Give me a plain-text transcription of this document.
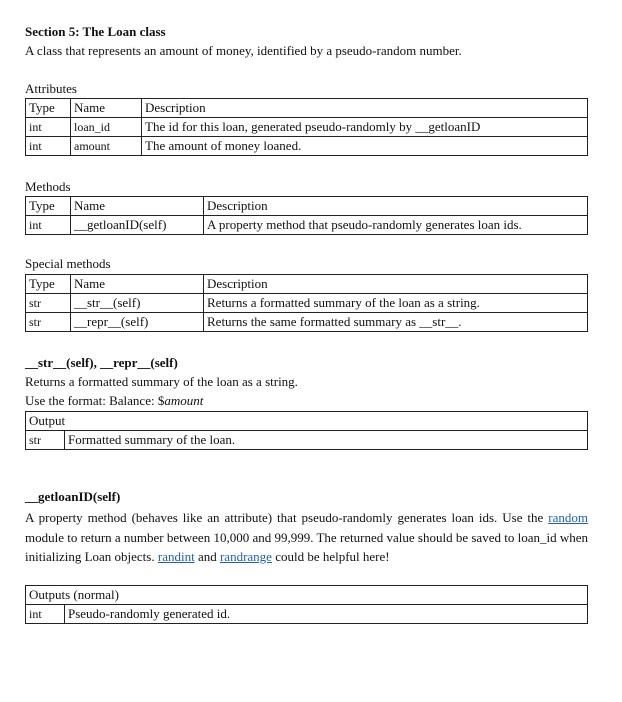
Section 5: The Loan class
A class that represents an amount of money, identified by a pseudo-random number.
Attributes
Type	Name	Description
int	loan_id	The id for this loan, generated pseudo-randomly by __getloanID
int	amount	The amount of money loaned.
Methods
Type	Name	Description
int	__getloanID(self)	A property method that pseudo-randomly generates loan ids.
Special methods
Type	Name	Description
str	__str__(self)	Returns a formatted summary of the loan as a string.
str	__repr__(self)	Returns the same formatted summary as __str__.
__str__(self), __repr__(self)
Returns a formatted summary of the loan as a string.
Use the format: Balance: $amount
Output
str	Formatted summary of the loan.
__getloanID(self)
A property method (behaves like an attribute) that pseudo-randomly generates loan ids. Use the random module to return a number between 10,000 and 99,999. The returned value should be saved to loan_id when initializing Loan objects. randint and randrange could be helpful here!
Outputs (normal)
int	Pseudo-randomly generated id.
